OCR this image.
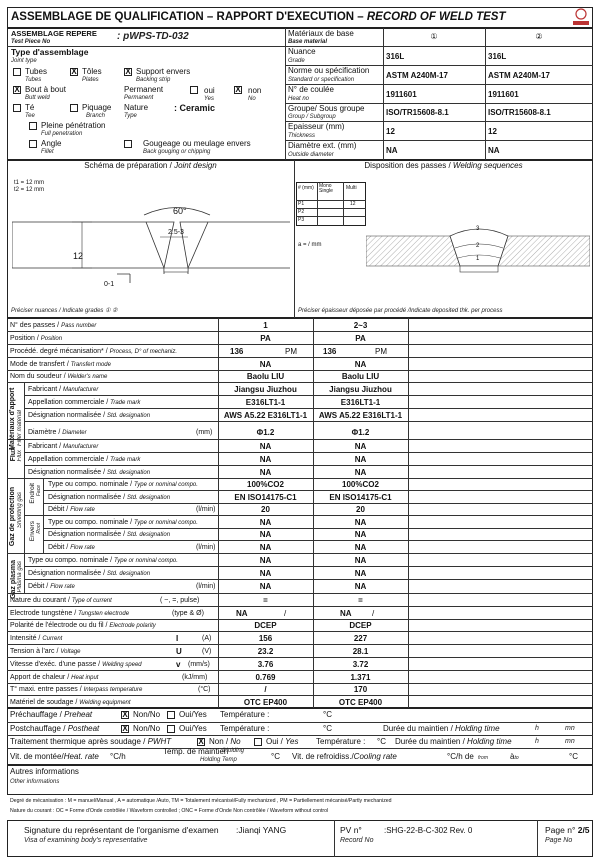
ASSEMBLAGE DE QUALIFICATION – RAPPORT D'EXECUTION – RECORD OF WELD TEST
ASSEMBLAGE REPERE
Test Piece No	: pWPS-TD-032
Type d'assemblage
Joint type
Tubes
Tubes
X Tôles
Plates
X Support envers
Backing strip
X Bout à bout
Butt weld
Permanent
Permanent
oui
Yes
X non
No
Té
Tee
Piquage
Branch
Nature
Type
: Ceramic
Pleine pénétration
Full penetration
Angle
Fillet
Gougeage ou meulage envers
Back gouging or chipping
Matériaux de base
Base material
①	②
Nuance
Grade	316L	316L
Norme ou spécification
Standard or specification	ASTM A240M-17	ASTM A240M-17
N° de coulée
Heat no	1911601	1911601
Groupe/ Sous groupe
Group / Subgroup	ISO/TR15608-8.1	ISO/TR15608-8.1
Epaisseur (mm)
Thickness	12	12
Diamètre ext. (mm)
Outside diameter	NA	NA
Schéma de préparation / Joint design
t1 = 12 mm
t2 = 12 mm
60°
2.5-3
12
0-1
Préciser nuances / Indicate grades ① ②
Disposition des passes / Welding sequences
# (mm) Mono
Single	Multi
P1	12
P2
P3
a = / mm
3
2
1
Préciser épaisseur déposée par procédé /Indicate deposited thk. per process
Matériaux d'apport Filler material
Flux Flux
Gaz de protection Shielding gas Endroit Face
Envers Root
Gaz plasma Plasma gas
N° des passes / Pass number	1	2~3
Position / Position	PA	PA
Procédé. degré mécanisation* / Process, D° of mechaniz.	136	PM	136	PM
Mode de transfert / Transfert mode	NA	NA
Nom du soudeur / Welder's name	Baolu LIU	Baolu LIU
Fabricant / Manufacturer	Jiangsu Jiuzhou	Jiangsu Jiuzhou
Appellation commerciale / Trade mark	E316LT1-1	E316LT1-1
Désignation normalisée / Std. designation	AWS A5.22 E316LT1-1	AWS A5.22 E316LT1-1
Diamètre / Diameter	(mm)	Φ1.2	Φ1.2
Fabricant / Manufacturer	NA	NA
Appellation commerciale / Trade mark	NA	NA
Désignation normalisée / Std. designation	NA	NA
Type ou compo. nominale / Type or nominal compo.	100%CO2	100%CO2
Désignation normalisée / Std. designation	EN ISO14175-C1	EN ISO14175-C1
Débit / Flow rate	(l/min)	20	20
Type ou compo. nominale / Type or nominal compo.	NA	NA
Désignation normalisée / Std. designation	NA	NA
Débit / Flow rate	(l/min)	NA	NA
Type ou compo. nominale / Type or nominal compo.	NA	NA
Désignation normalisée / Std. designation	NA	NA
Débit / Flow rate	(l/min)	NA	NA
Nature du courant / Type of current	( ~, =, pulse)	=	=
Electrode tungstène / Tungsten electrode	(type & Ø)	NA	/	NA	/
Polarité de l'électrode ou du fil / Electrode polarity	DCEP	DCEP
Intensité / Current	I	(A)	156	227
Tension à l'arc / Voltage	U	(V)	23.2	28.1
Vitesse d'exéc. d'une passe / Welding speed	v (mm/s)	3.76	3.72
Apport de chaleur / Heat input	(kJ/mm)	0.769	1.371
T° maxi. entre passes / Interpass temperature	(°C)	/	170
Matériel de soudage / Welding equipment	OTC EP400	OTC EP400
Préchauffage / Preheat	X Non/No Oui/Yes Température :	°C
Postchauffage / Postheat	X Non/No Oui/Yes Température :	°C	Durée du maintien / Holding time	h	mn
Traitement thermique après soudage / PWHT	X Non / No	Oui / Yes Température : °C Durée du maintien / Holding time	h	mn
Vit. de montée/Heat. rate °C/h
Temp. de maintien
/Holding
Holding Temp	°C Vit. de refroidiss./Cooling rate	°C/h de from	àto	°C
Autres informations
Other informations
Degré de mécanisation : M = manuel/Manual , A = automatique /Auto, TM = Totalement mécanisé/Fully mechanized , PM = Partiellement mécanisé/Partly mechanized
Nature du courant : OC = Forme d'Onde contrôlée / Waveform controlled ; ONC = Forme d'Onde Non contrôlée / Waveform without control
Signature du représentant de l'organisme d'examen :Jianqi YANG
Visa of examining body's representative
PV n°
Record No
:SHG-22-B-C-302 Rev. 0	Page n° 2/5
Page No
